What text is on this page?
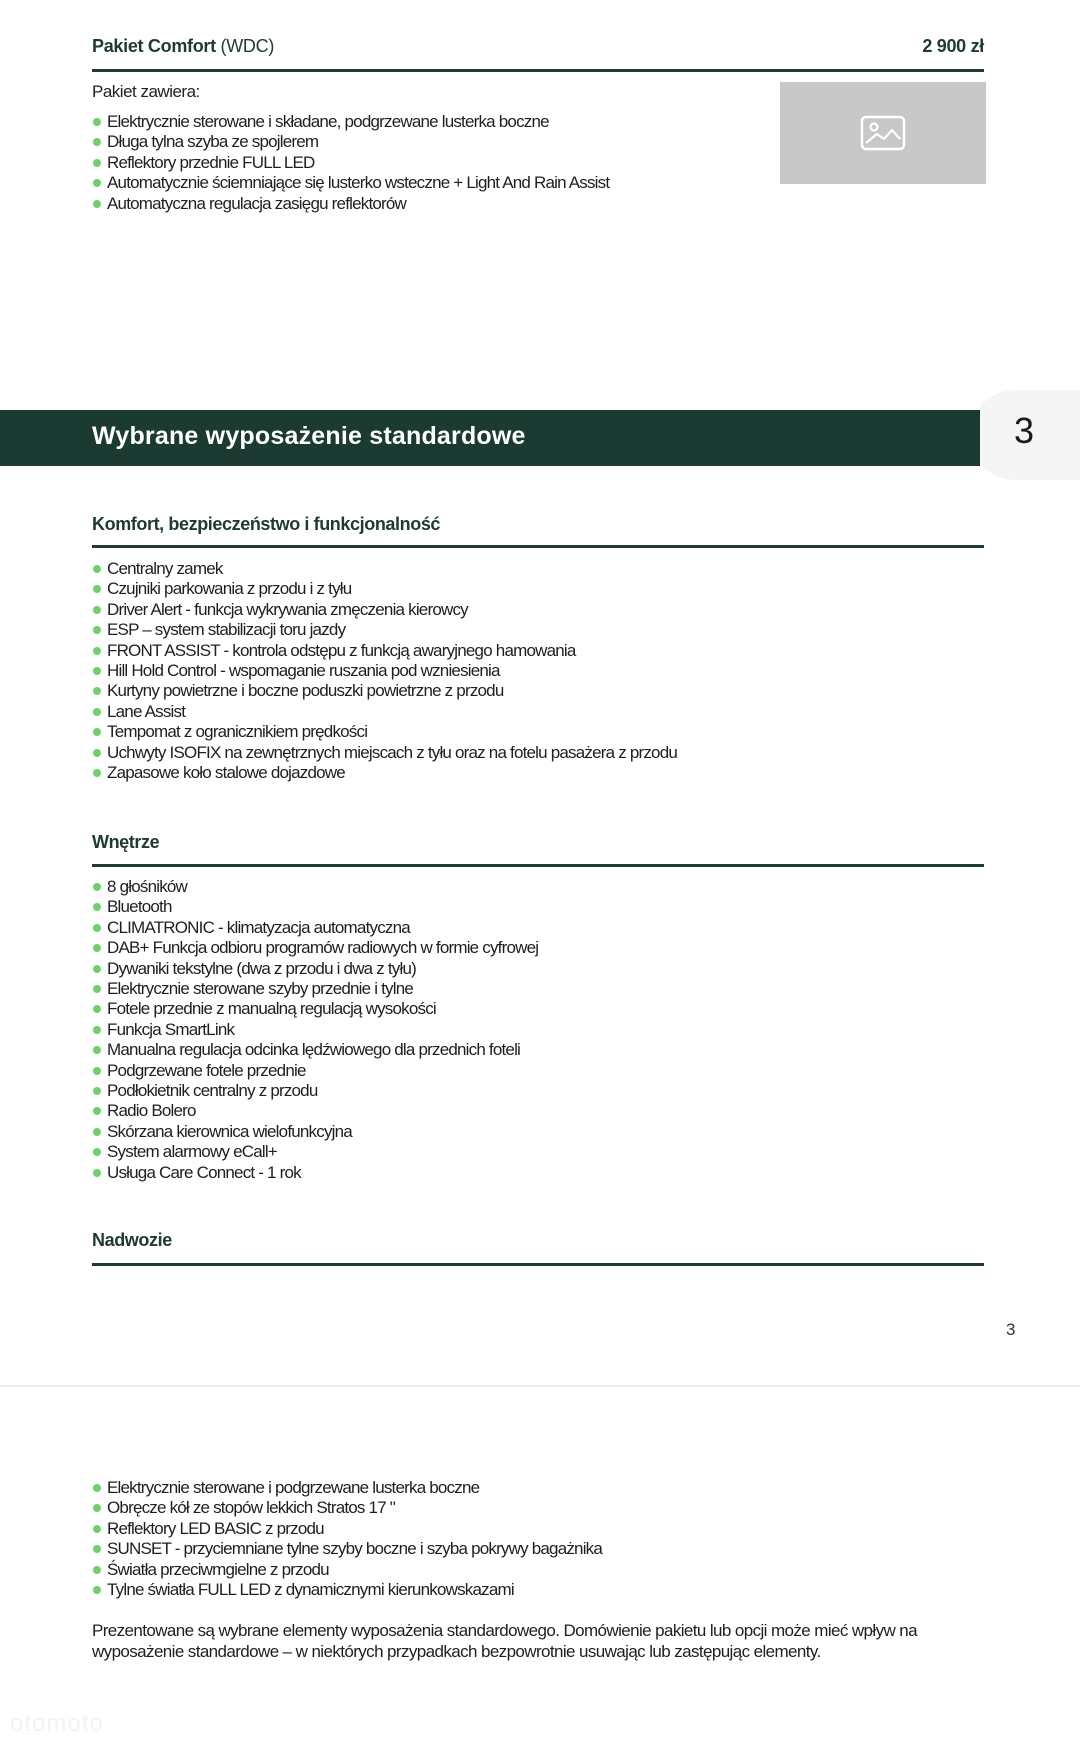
Pakiet Comfort (WDC)	2 900 zł
Pakiet zawiera:
Elektrycznie sterowane i składane, podgrzewane lusterka boczne
Długa tylna szyba ze spojlerem
Reflektory przednie FULL LED
Automatycznie ściemniające się lusterko wsteczne + Light And Rain Assist
Automatyczna regulacja zasięgu reflektorów
Wybrane wyposażenie standardowe	3
Komfort, bezpieczeństwo i funkcjonalność
Centralny zamek
Czujniki parkowania z przodu i z tyłu
Driver Alert - funkcja wykrywania zmęczenia kierowcy
ESP – system stabilizacji toru jazdy
FRONT ASSIST - kontrola odstępu z funkcją awaryjnego hamowania
Hill Hold Control - wspomaganie ruszania pod wzniesienia
Kurtyny powietrzne i boczne poduszki powietrzne z przodu
Lane Assist
Tempomat z ogranicznikiem prędkości
Uchwyty ISOFIX na zewnętrznych miejscach z tyłu oraz na fotelu pasażera z przodu
Zapasowe koło stalowe dojazdowe
Wnętrze
8 głośników
Bluetooth
CLIMATRONIC - klimatyzacja automatyczna
DAB+ Funkcja odbioru programów radiowych w formie cyfrowej
Dywaniki tekstylne (dwa z przodu i dwa z tyłu)
Elektrycznie sterowane szyby przednie i tylne
Fotele przednie z manualną regulacją wysokości
Funkcja SmartLink
Manualna regulacja odcinka lędźwiowego dla przednich foteli
Podgrzewane fotele przednie
Podłokietnik centralny z przodu
Radio Bolero
Skórzana kierownica wielofunkcyjna
System alarmowy eCall+
Usługa Care Connect - 1 rok
Nadwozie
3
Elektrycznie sterowane i podgrzewane lusterka boczne
Obręcze kół ze stopów lekkich Stratos 17 "
Reflektory LED BASIC z przodu
SUNSET - przyciemniane tylne szyby boczne i szyba pokrywy bagażnika
Światła przeciwmgielne z przodu
Tylne światła FULL LED z dynamicznymi kierunkowskazami
Prezentowane są wybrane elementy wyposażenia standardowego. Domówienie pakietu lub opcji może mieć wpływ na wyposażenie standardowe – w niektórych przypadkach bezpowrotnie usuwając lub zastępując elementy.
otomoto
